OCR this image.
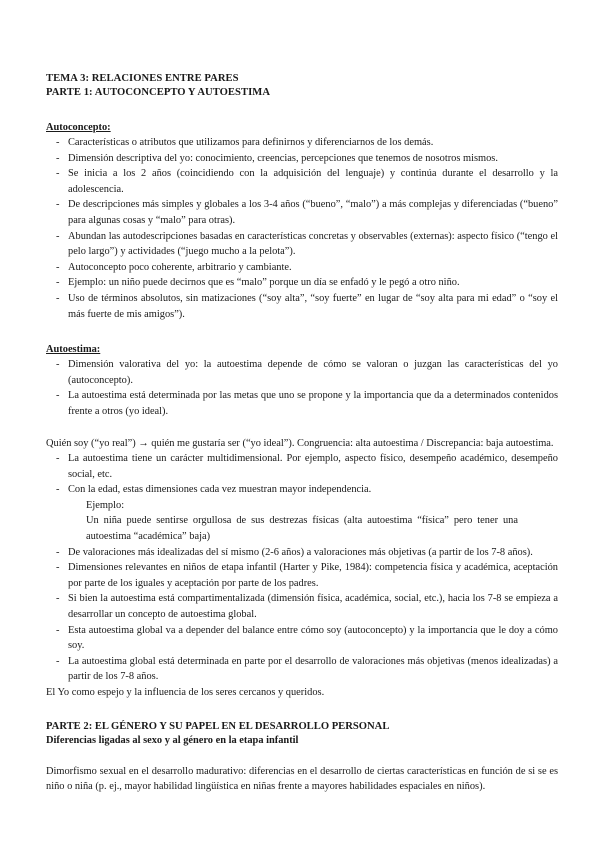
TEMA 3: RELACIONES ENTRE PARES
PARTE 1: AUTOCONCEPTO Y AUTOESTIMA
Autoconcepto:
- Características o atributos que utilizamos para definirnos y diferenciarnos de los demás.
- Dimensión descriptiva del yo: conocimiento, creencias, percepciones que tenemos de nosotros mismos.
- Se inicia a los 2 años (coincidiendo con la adquisición del lenguaje) y continúa durante el desarrollo y la adolescencia.
- De descripciones más simples y globales a los 3-4 años (“bueno”, “malo”) a más complejas y diferenciadas (“bueno” para algunas cosas y “malo” para otras).
- Abundan las autodescripciones basadas en características concretas y observables (externas): aspecto físico (“tengo el pelo largo”) y actividades (“juego mucho a la pelota”).
- Autoconcepto poco coherente, arbitrario y cambiante.
- Ejemplo: un niño puede decirnos que es “malo” porque un día se enfadó y le pegó a otro niño.
- Uso de términos absolutos, sin matizaciones (“soy alta”, “soy fuerte” en lugar de “soy alta para mi edad” o “soy el más fuerte de mis amigos”).
Autoestima:
- Dimensión valorativa del yo: la autoestima depende de cómo se valoran o juzgan las características del yo (autoconcepto).
- La autoestima está determinada por las metas que uno se propone y la importancia que da a determinados contenidos frente a otros (yo ideal).
Quién soy (“yo real”) → quién me gustaría ser (“yo ideal”). Congruencia: alta autoestima / Discrepancia: baja autoestima.
- La autoestima tiene un carácter multidimensional. Por ejemplo, aspecto físico, desempeño académico, desempeño social, etc.
- Con la edad, estas dimensiones cada vez muestran mayor independencia.
Ejemplo:
Un niña puede sentirse orgullosa de sus destrezas físicas (alta autoestima “física” pero tener una autoestima “académica” baja)
- De valoraciones más idealizadas del sí mismo (2-6 años) a valoraciones más objetivas (a partir de los 7-8 años).
- Dimensiones relevantes en niños de etapa infantil (Harter y Pike, 1984): competencia física y académica, aceptación por parte de los iguales y aceptación por parte de los padres.
- Si bien la autoestima está compartimentalizada (dimensión física, académica, social, etc.), hacia los 7-8 se empieza a desarrollar un concepto de autoestima global.
- Esta autoestima global va a depender del balance entre cómo soy (autoconcepto) y la importancia que le doy a cómo soy.
- La autoestima global está determinada en parte por el desarrollo de valoraciones más objetivas (menos idealizadas) a partir de los 7-8 años.
El Yo como espejo y la influencia de los seres cercanos y queridos.
PARTE 2: EL GÉNERO Y SU PAPEL EN EL DESARROLLO PERSONAL
Diferencias ligadas al sexo y al género en la etapa infantil
Dimorfismo sexual en el desarrollo madurativo: diferencias en el desarrollo de ciertas características en función de si se es niño o niña (p. ej., mayor habilidad lingüística en niñas frente a mayores habilidades espaciales en niños).
